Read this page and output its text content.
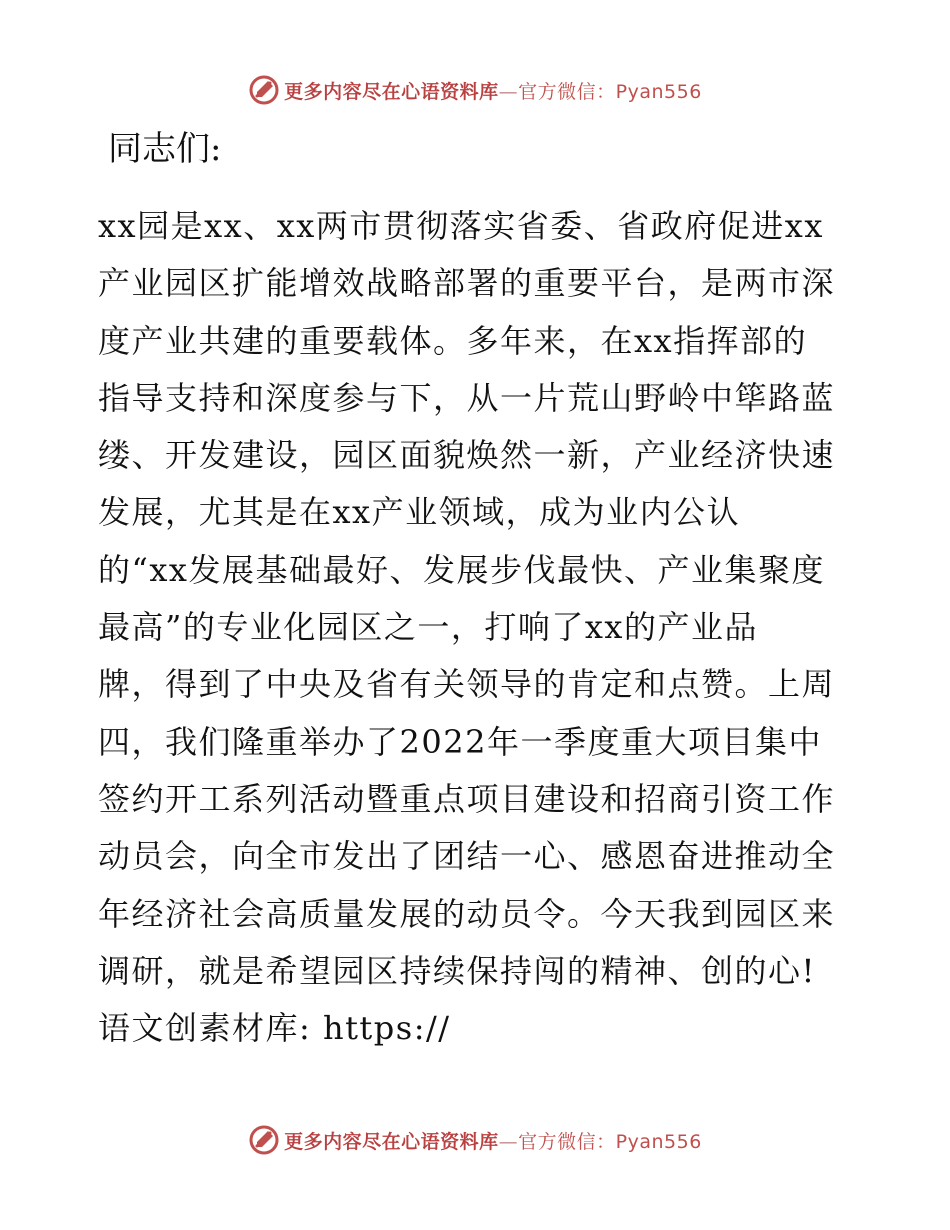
更多内容尽在心语资料库—官方微信：Pyan556
同志们:
xx园是xx、xx两市贯彻落实省委、省政府促进xx
产业园区扩能增效战略部署的重要平台，是两市深
度产业共建的重要载体。多年来，在xx指挥部的
指导支持和深度参与下，从一片荒山野岭中筚路蓝
缕、开发建设，园区面貌焕然一新，产业经济快速
发展，尤其是在xx产业领域，成为业内公认
的“xx发展基础最好、发展步伐最快、产业集聚度
最高”的专业化园区之一，打响了xx的产业品
牌，得到了中央及省有关领导的肯定和点赞。上周
四，我们隆重举办了2022年一季度重大项目集中
签约开工系列活动暨重点项目建设和招商引资工作
动员会，向全市发出了团结一心、感恩奋进推动全
年经济社会高质量发展的动员令。今天我到园区来
调研，就是希望园区持续保持闯的精神、创的心!
语文创素材库: https://
更多内容尽在心语资料库—官方微信：Pyan556
